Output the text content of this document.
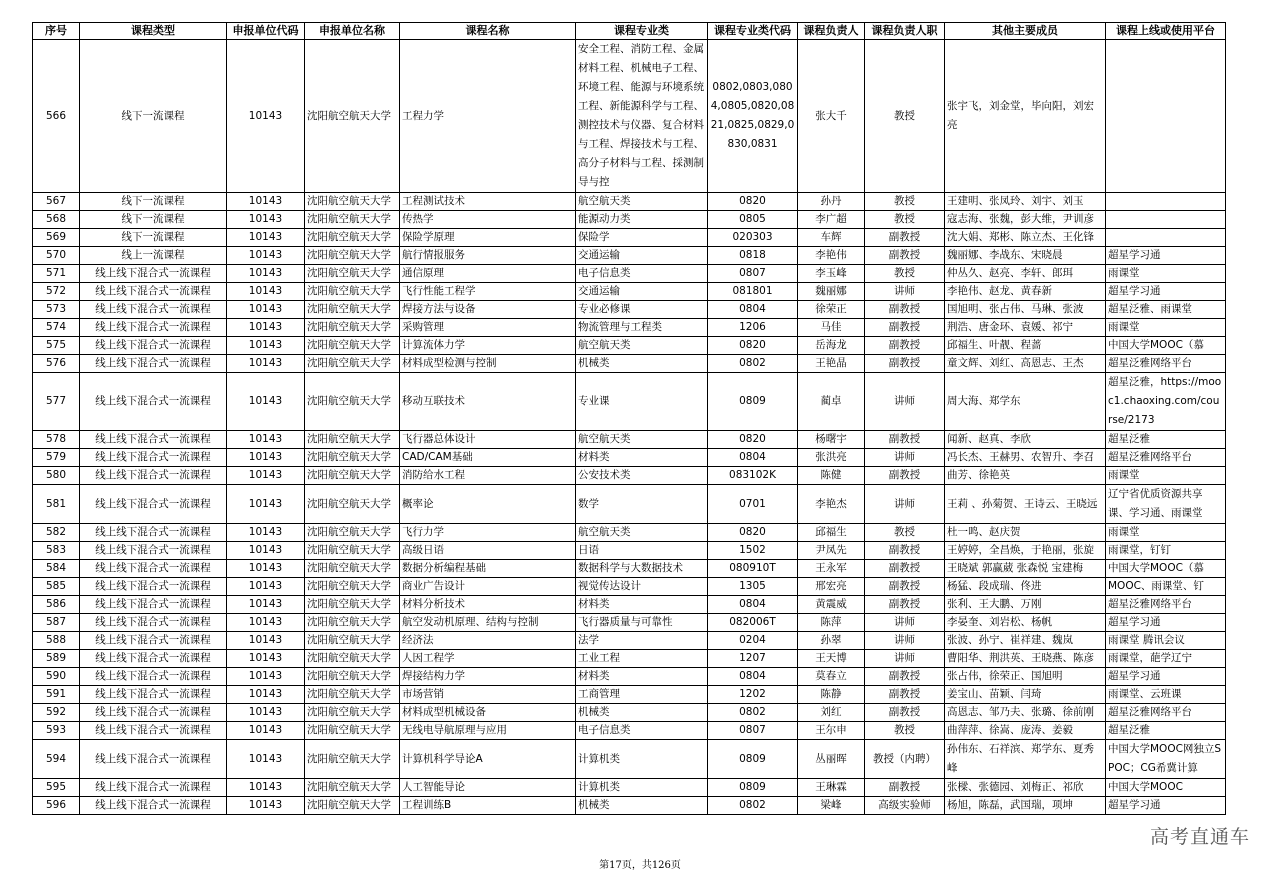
序号	课程类型	申报单位代码	申报单位名称	课程名称	课程专业类	课程专业类代码	课程负责人	课程负责人职	其他主要成员	课程上线或使用平台
566	线下一流课程	10143	沈阳航空航天大学	工程力学	安全工程、消防工程、金属材料工程、机械电子工程、环境工程、能源与环境系统工程、新能源科学与工程、测控技术与仪器、复合材料与工程、焊接技术与工程、高分子材料与工程、採测制导与控	0802,0803,0804,0805,0820,0821,0825,0829,0830,0831	张大千	教授	张宇飞，刘金堂，毕向阳，刘宏亮	
567	线下一流课程	10143	沈阳航空航天大学	工程测试技术	航空航天类	0820	孙丹	教授	王建明、张凤玲、刘宇、刘玉	
568	线下一流课程	10143	沈阳航空航天大学	传热学	能源动力类	0805	李广超	教授	寇志海、张魏，彭大维，尹训彦	
569	线下一流课程	10143	沈阳航空航天大学	保险学原理	保险学	020303	车辉	副教授	沈大娟、郑彬、陈立杰、王化锋	
570	线上一流课程	10143	沈阳航空航天大学	航行情报服务	交通运输	0818	李艳伟	副教授	魏丽娜、李战东、宋晓晨	超星学习通
571	线上线下混合式一流课程	10143	沈阳航空航天大学	通信原理	电子信息类	0807	李玉峰	教授	仲丛久、赵亮、李轩、郎珥	雨课堂
572	线上线下混合式一流课程	10143	沈阳航空航天大学	飞行性能工程学	交通运输	081801	魏丽娜	讲师	李艳伟、赵龙、黄春新	超星学习通
573	线上线下混合式一流课程	10143	沈阳航空航天大学	焊接方法与设备	专业必修课	0804	徐荣正	副教授	国旭明、张占伟、马琳、张波	超星泛雅、雨课堂
574	线上线下混合式一流课程	10143	沈阳航空航天大学	采购管理	物流管理与工程类	1206	马佳	副教授	荆浩、唐金环、袁媛、祁宁	雨课堂
575	线上线下混合式一流课程	10143	沈阳航空航天大学	计算流体力学	航空航天类	0820	岳海龙	副教授	邱福生、叶靓、程蔷	中国大学MOOC（慕
576	线上线下混合式一流课程	10143	沈阳航空航天大学	材料成型检测与控制	机械类	0802	王艳晶	副教授	童文辉、刘红、高恩志、王杰	超星泛雅网络平台
577	线上线下混合式一流课程	10143	沈阳航空航天大学	移动互联技术	专业课	0809	蔺卓	讲师	周大海、郑学东	超星泛雅，https://mooc1.chaoxing.com/course/2173
578	线上线下混合式一流课程	10143	沈阳航空航天大学	飞行器总体设计	航空航天类	0820	杨曙宇	副教授	闻新、赵真、李欣	超星泛雅
579	线上线下混合式一流课程	10143	沈阳航空航天大学	CAD/CAM基础	材料类	0804	张洪亮	讲师	冯长杰、王赫男、农智升、李召	超星泛雅网络平台
580	线上线下混合式一流课程	10143	沈阳航空航天大学	消防给水工程	公安技术类	083102K	陈健	副教授	曲芳、徐艳英	雨课堂
581	线上线下混合式一流课程	10143	沈阳航空航天大学	概率论	数学	0701	李艳杰	讲师	王莉 、孙菊贺、王诗云、王晓远	辽宁省优质资源共享课、学习通、雨课堂
582	线上线下混合式一流课程	10143	沈阳航空航天大学	飞行力学	航空航天类	0820	邱福生	教授	杜一鸣、赵庆贺	雨课堂
583	线上线下混合式一流课程	10143	沈阳航空航天大学	高级日语	日语	1502	尹凤先	副教授	王婷婷，全昌焕，于艳丽，张旋	雨课堂，钉钉
584	线上线下混合式一流课程	10143	沈阳航空航天大学	数据分析编程基础	数据科学与大数据技术	080910T	王永军	副教授	王晓斌 郭赢葳 张森悦 宝建梅	中国大学MOOC（慕
585	线上线下混合式一流课程	10143	沈阳航空航天大学	商业广告设计	视觉传达设计	1305	邢宏亮	副教授	杨猛、段成瑞、佟进	MOOC、雨课堂、钉
586	线上线下混合式一流课程	10143	沈阳航空航天大学	材料分析技术	材料类	0804	黄震威	副教授	张利、王大鹏、万刚	超星泛雅网络平台
587	线上线下混合式一流课程	10143	沈阳航空航天大学	航空发动机原理、结构与控制	飞行器质量与可靠性	082006T	陈萍	讲师	李晏奎、刘岩松、杨帆	超星学习通
588	线上线下混合式一流课程	10143	沈阳航空航天大学	经济法	法学	0204	孙翠	讲师	张波、孙宁、崔祥建、魏岚	雨课堂 腾讯会议
589	线上线下混合式一流课程	10143	沈阳航空航天大学	人因工程学	工业工程	1207	王天博	讲师	曹阳华、荆洪英、王晓燕、陈彦	雨课堂，葩学辽宁
590	线上线下混合式一流课程	10143	沈阳航空航天大学	焊接结构力学	材料类	0804	莫春立	副教授	张占伟，徐荣正、国旭明	超星学习通
591	线上线下混合式一流课程	10143	沈阳航空航天大学	市场营销	工商管理	1202	陈静	副教授	姜宝山、苗颖、闫琦	雨课堂、云班课
592	线上线下混合式一流课程	10143	沈阳航空航天大学	材料成型机械设备	机械类	0802	刘红	副教授	高恩志、邹乃夫、张璐、徐前刚	超星泛雅网络平台
593	线上线下混合式一流课程	10143	沈阳航空航天大学	无线电导航原理与应用	电子信息类	0807	王尔申	教授	曲萍萍、徐嵩、庞涛、姜毅	超星泛雅
594	线上线下混合式一流课程	10143	沈阳航空航天大学	计算机科学导论A	计算机类	0809	丛丽晖	教授（内聘）	孙伟东、石祥滨、郑学东、夏秀峰	中国大学MOOC网独立SPOC；CG希冀计算
595	线上线下混合式一流课程	10143	沈阳航空航天大学	人工智能导论	计算机类	0809	王琳霖	副教授	张樑、张德园、刘梅正、祁欣	中国大学MOOC
596	线上线下混合式一流课程	10143	沈阳航空航天大学	工程训练B	机械类	0802	梁峰	高级实验师	杨旭，陈磊，武国瑞，项坤	超星学习通
第17页，共126页
高考直通车
